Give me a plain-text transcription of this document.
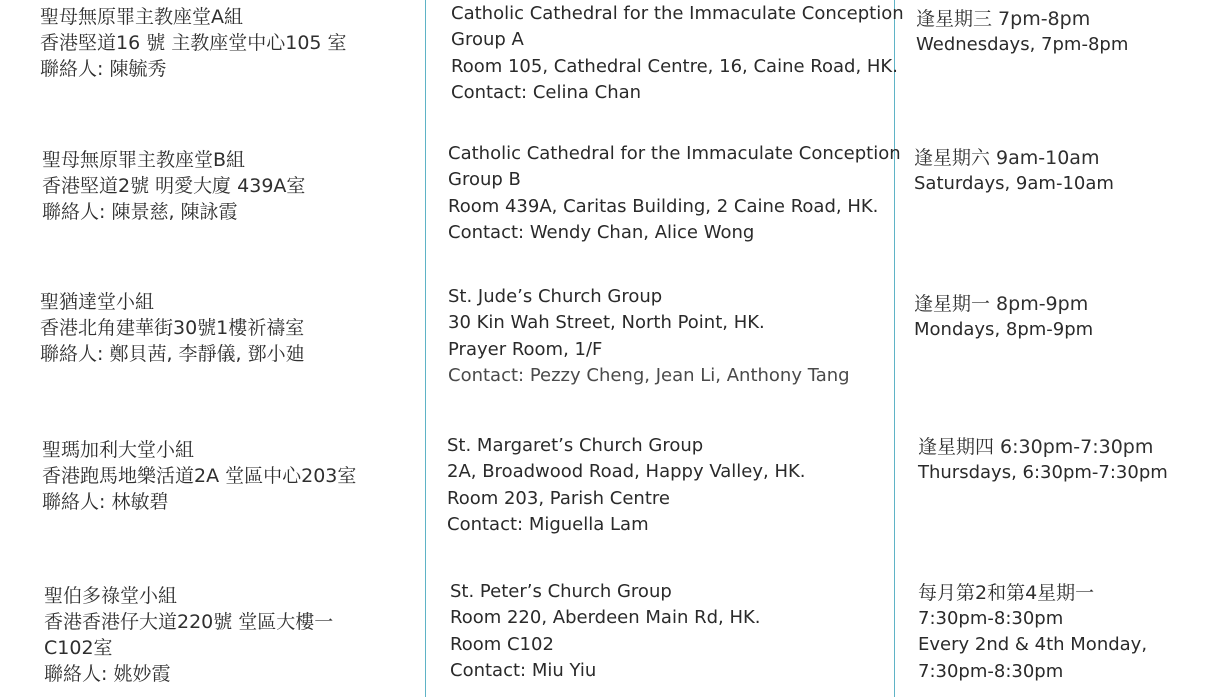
聖母無原罪主教座堂A組
香港堅道16 號 主教座堂中心105 室
聯絡人: 陳毓秀
Catholic Cathedral for the Immaculate Conception
Group A
Room 105, Cathedral Centre, 16, Caine Road, HK.
Contact: Celina Chan
逢星期三 7pm-8pm
Wednesdays, 7pm-8pm
聖母無原罪主教座堂B組
香港堅道2號 明愛大廈 439A室
聯絡人: 陳景慈, 陳詠霞
Catholic Cathedral for the Immaculate Conception
Group B
Room 439A, Caritas Building, 2 Caine Road, HK.
Contact: Wendy Chan, Alice Wong
逢星期六 9am-10am
Saturdays, 9am-10am
聖猶達堂小組
香港北角建華街30號1樓祈禱室
聯絡人: 鄭貝茜, 李靜儀, 鄧小廸
St. Jude’s Church Group
30 Kin Wah Street, North Point, HK.
Prayer Room, 1/F
Contact: Pezzy Cheng, Jean Li, Anthony Tang
逢星期一 8pm-9pm
Mondays, 8pm-9pm
聖瑪加利大堂小組
香港跑馬地樂活道2A 堂區中心203室
聯絡人: 林敏碧
St. Margaret’s Church Group
2A, Broadwood Road, Happy Valley, HK.
Room 203, Parish Centre
Contact: Miguella Lam
逢星期四 6:30pm-7:30pm
Thursdays, 6:30pm-7:30pm
聖伯多祿堂小組
香港香港仔大道220號 堂區大樓一
C102室
聯絡人: 姚妙霞
St. Peter’s Church Group
Room 220, Aberdeen Main Rd, HK.
Room C102
Contact: Miu Yiu
每月第2和第4星期一
7:30pm-8:30pm
Every 2nd & 4th Monday,
7:30pm-8:30pm
